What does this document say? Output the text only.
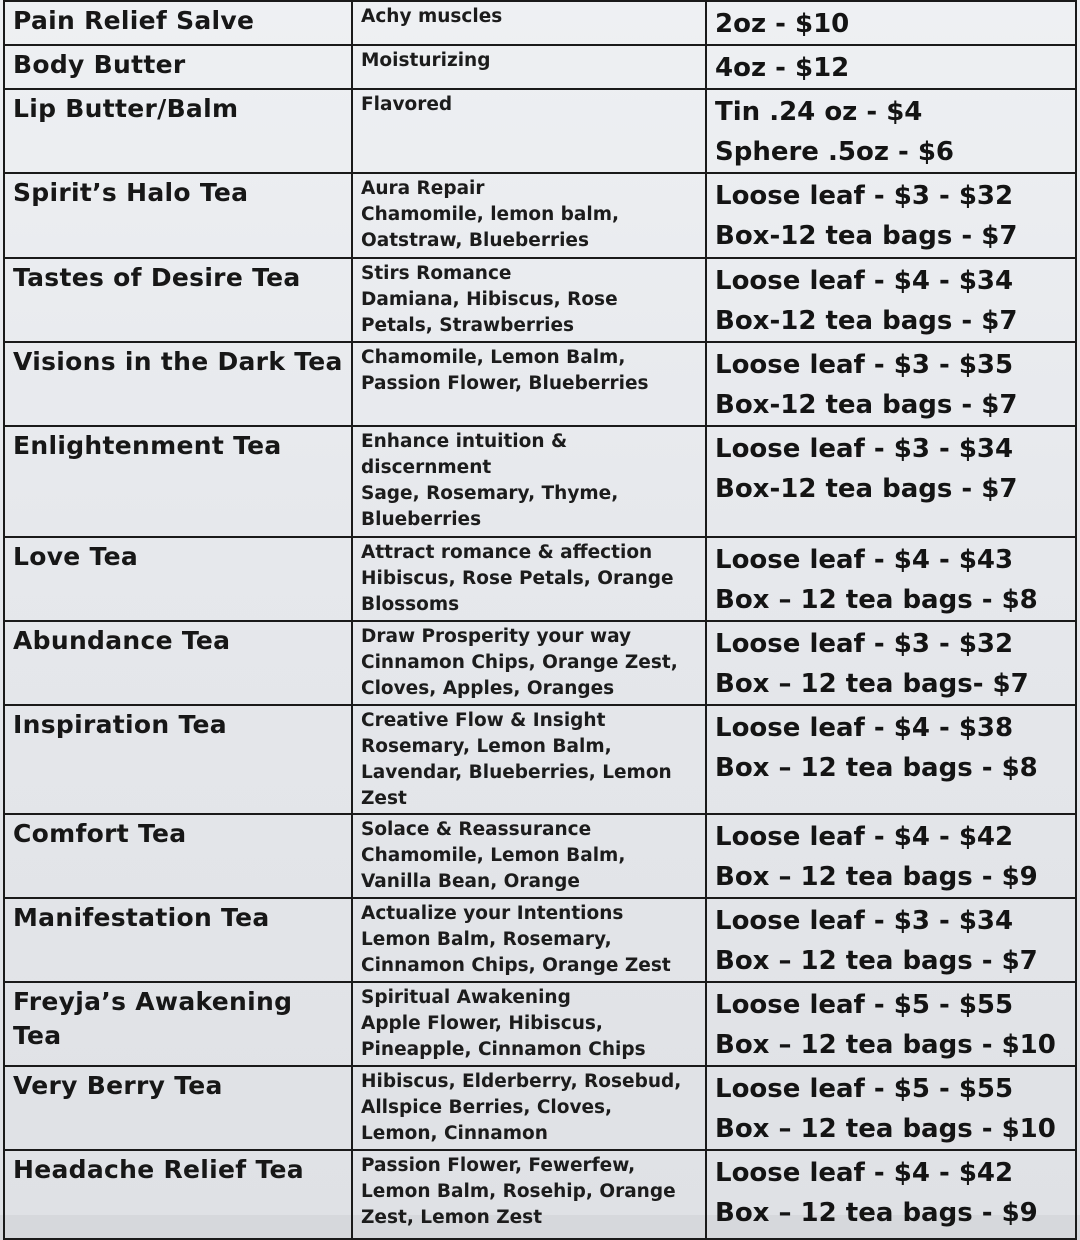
Pain Relief Salve	Achy muscles	2oz - $10

Body Butter	Moisturizing	4oz - $12

Lip Butter/Balm	Flavored	Tin .24 oz - $4
Sphere .5oz - $6

Spirit’s Halo Tea	Aura Repair
Chamomile, lemon balm,
Oatstraw, Blueberries	Loose leaf - $3 - $32
Box-12 tea bags - $7

Tastes of Desire Tea	Stirs Romance
Damiana, Hibiscus, Rose
Petals, Strawberries	Loose leaf - $4 - $34
Box-12 tea bags - $7

Visions in the Dark Tea	Chamomile, Lemon Balm,
Passion Flower, Blueberries	Loose leaf - $3 - $35
Box-12 tea bags - $7

Enlightenment Tea	Enhance intuition &
discernment
Sage, Rosemary, Thyme,
Blueberries	Loose leaf - $3 - $34
Box-12 tea bags - $7

Love Tea	Attract romance & affection
Hibiscus, Rose Petals, Orange
Blossoms	Loose leaf - $4 - $43
Box – 12 tea bags - $8

Abundance Tea	Draw Prosperity your way
Cinnamon Chips, Orange Zest,
Cloves, Apples, Oranges	Loose leaf - $3 - $32
Box – 12 tea bags- $7

Inspiration Tea	Creative Flow & Insight
Rosemary, Lemon Balm,
Lavendar, Blueberries, Lemon
Zest	Loose leaf - $4 - $38
Box – 12 tea bags - $8

Comfort Tea	Solace & Reassurance
Chamomile, Lemon Balm,
Vanilla Bean, Orange	Loose leaf - $4 - $42
Box – 12 tea bags - $9

Manifestation Tea	Actualize your Intentions
Lemon Balm, Rosemary,
Cinnamon Chips, Orange Zest	Loose leaf - $3 - $34
Box – 12 tea bags - $7

Freyja’s Awakening
Tea	Spiritual Awakening
Apple Flower, Hibiscus,
Pineapple, Cinnamon Chips	Loose leaf - $5 - $55
Box – 12 tea bags - $10

Very Berry Tea	Hibiscus, Elderberry, Rosebud,
Allspice Berries, Cloves,
Lemon, Cinnamon	Loose leaf - $5 - $55
Box – 12 tea bags - $10

Headache Relief Tea	Passion Flower, Fewerfew,
Lemon Balm, Rosehip, Orange
Zest, Lemon Zest	Loose leaf - $4 - $42
Box – 12 tea bags - $9
